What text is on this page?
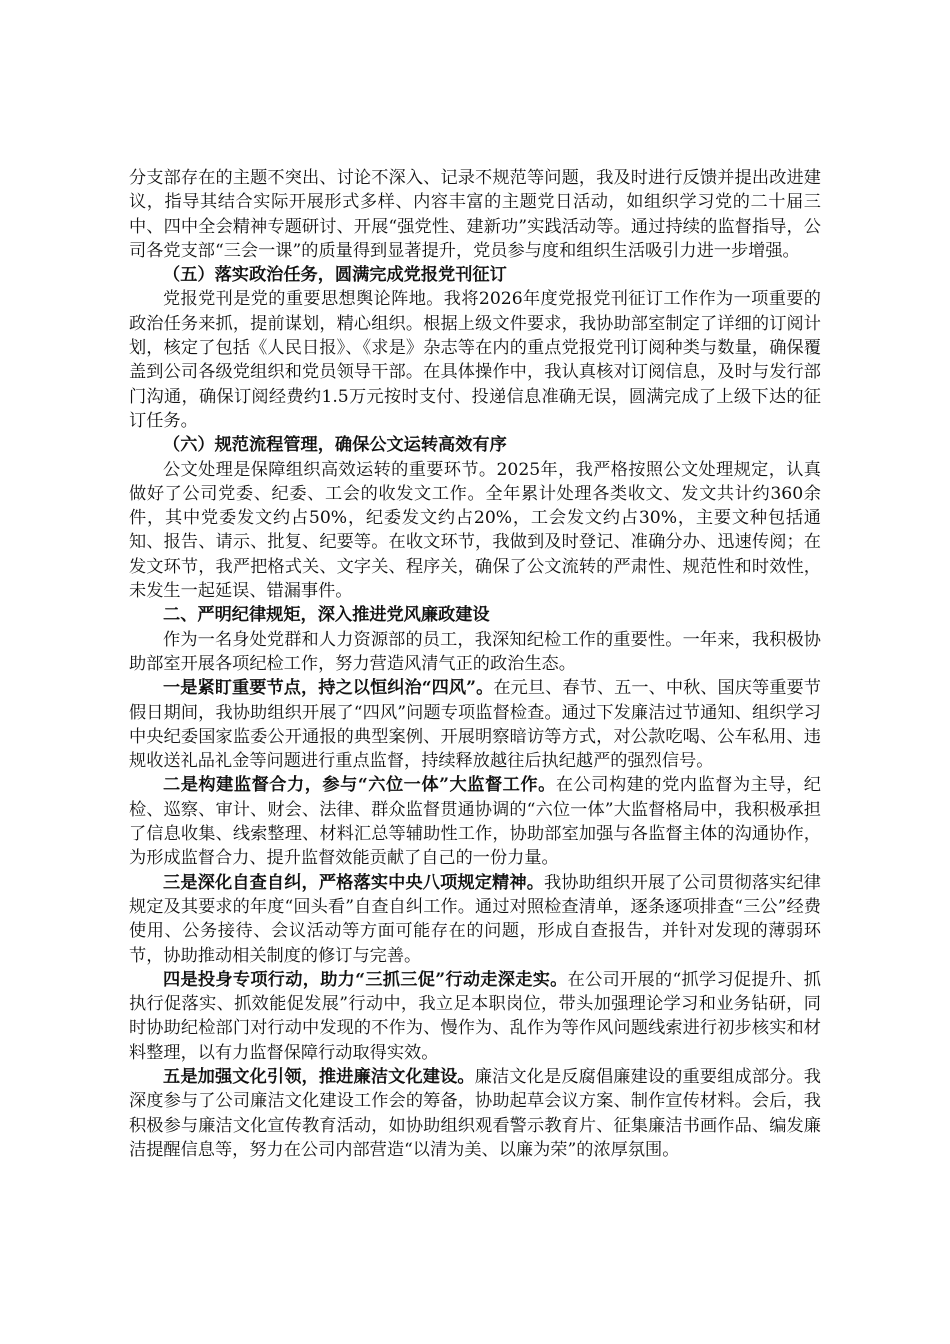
分支部存在的主题不突出、讨论不深入、记录不规范等问题，我及时进行反馈并提出改进建议，指导其结合实际开展形式多样、内容丰富的主题党日活动，如组织学习党的二十届三中、四中全会精神专题研讨、开展“强党性、建新功”实践活动等。通过持续的监督指导，公司各党支部“三会一课”的质量得到显著提升，党员参与度和组织生活吸引力进一步增强。

（五）落实政治任务，圆满完成党报党刊征订

党报党刊是党的重要思想舆论阵地。我将2026年度党报党刊征订工作作为一项重要的政治任务来抓，提前谋划，精心组织。根据上级文件要求，我协助部室制定了详细的订阅计划，核定了包括《人民日报》、《求是》杂志等在内的重点党报党刊订阅种类与数量，确保覆盖到公司各级党组织和党员领导干部。在具体操作中，我认真核对订阅信息，及时与发行部门沟通，确保订阅经费约1.5万元按时支付、投递信息准确无误，圆满完成了上级下达的征订任务。

（六）规范流程管理，确保公文运转高效有序

公文处理是保障组织高效运转的重要环节。2025年，我严格按照公文处理规定，认真做好了公司党委、纪委、工会的收发文工作。全年累计处理各类收文、发文共计约360余件，其中党委发文约占50%，纪委发文约占20%，工会发文约占30%，主要文种包括通知、报告、请示、批复、纪要等。在收文环节，我做到及时登记、准确分办、迅速传阅；在发文环节，我严把格式关、文字关、程序关，确保了公文流转的严肃性、规范性和时效性，未发生一起延误、错漏事件。

二、严明纪律规矩，深入推进党风廉政建设

作为一名身处党群和人力资源部的员工，我深知纪检工作的重要性。一年来，我积极协助部室开展各项纪检工作，努力营造风清气正的政治生态。

一是紧盯重要节点，持之以恒纠治“四风”。在元旦、春节、五一、中秋、国庆等重要节假日期间，我协助组织开展了“四风”问题专项监督检查。通过下发廉洁过节通知、组织学习中央纪委国家监委公开通报的典型案例、开展明察暗访等方式，对公款吃喝、公车私用、违规收送礼品礼金等问题进行重点监督，持续释放越往后执纪越严的强烈信号。

二是构建监督合力，参与“六位一体”大监督工作。在公司构建的党内监督为主导，纪检、巡察、审计、财会、法律、群众监督贯通协调的“六位一体”大监督格局中，我积极承担了信息收集、线索整理、材料汇总等辅助性工作，协助部室加强与各监督主体的沟通协作，为形成监督合力、提升监督效能贡献了自己的一份力量。

三是深化自查自纠，严格落实中央八项规定精神。我协助组织开展了公司贯彻落实纪律规定及其要求的年度“回头看”自查自纠工作。通过对照检查清单，逐条逐项排查“三公”经费使用、公务接待、会议活动等方面可能存在的问题，形成自查报告，并针对发现的薄弱环节，协助推动相关制度的修订与完善。

四是投身专项行动，助力“三抓三促”行动走深走实。在公司开展的“抓学习促提升、抓执行促落实、抓效能促发展”行动中，我立足本职岗位，带头加强理论学习和业务钻研，同时协助纪检部门对行动中发现的不作为、慢作为、乱作为等作风问题线索进行初步核实和材料整理，以有力监督保障行动取得实效。

五是加强文化引领，推进廉洁文化建设。廉洁文化是反腐倡廉建设的重要组成部分。我深度参与了公司廉洁文化建设工作会的筹备，协助起草会议方案、制作宣传材料。会后，我积极参与廉洁文化宣传教育活动，如协助组织观看警示教育片、征集廉洁书画作品、编发廉洁提醒信息等，努力在公司内部营造“以清为美、以廉为荣”的浓厚氛围。
